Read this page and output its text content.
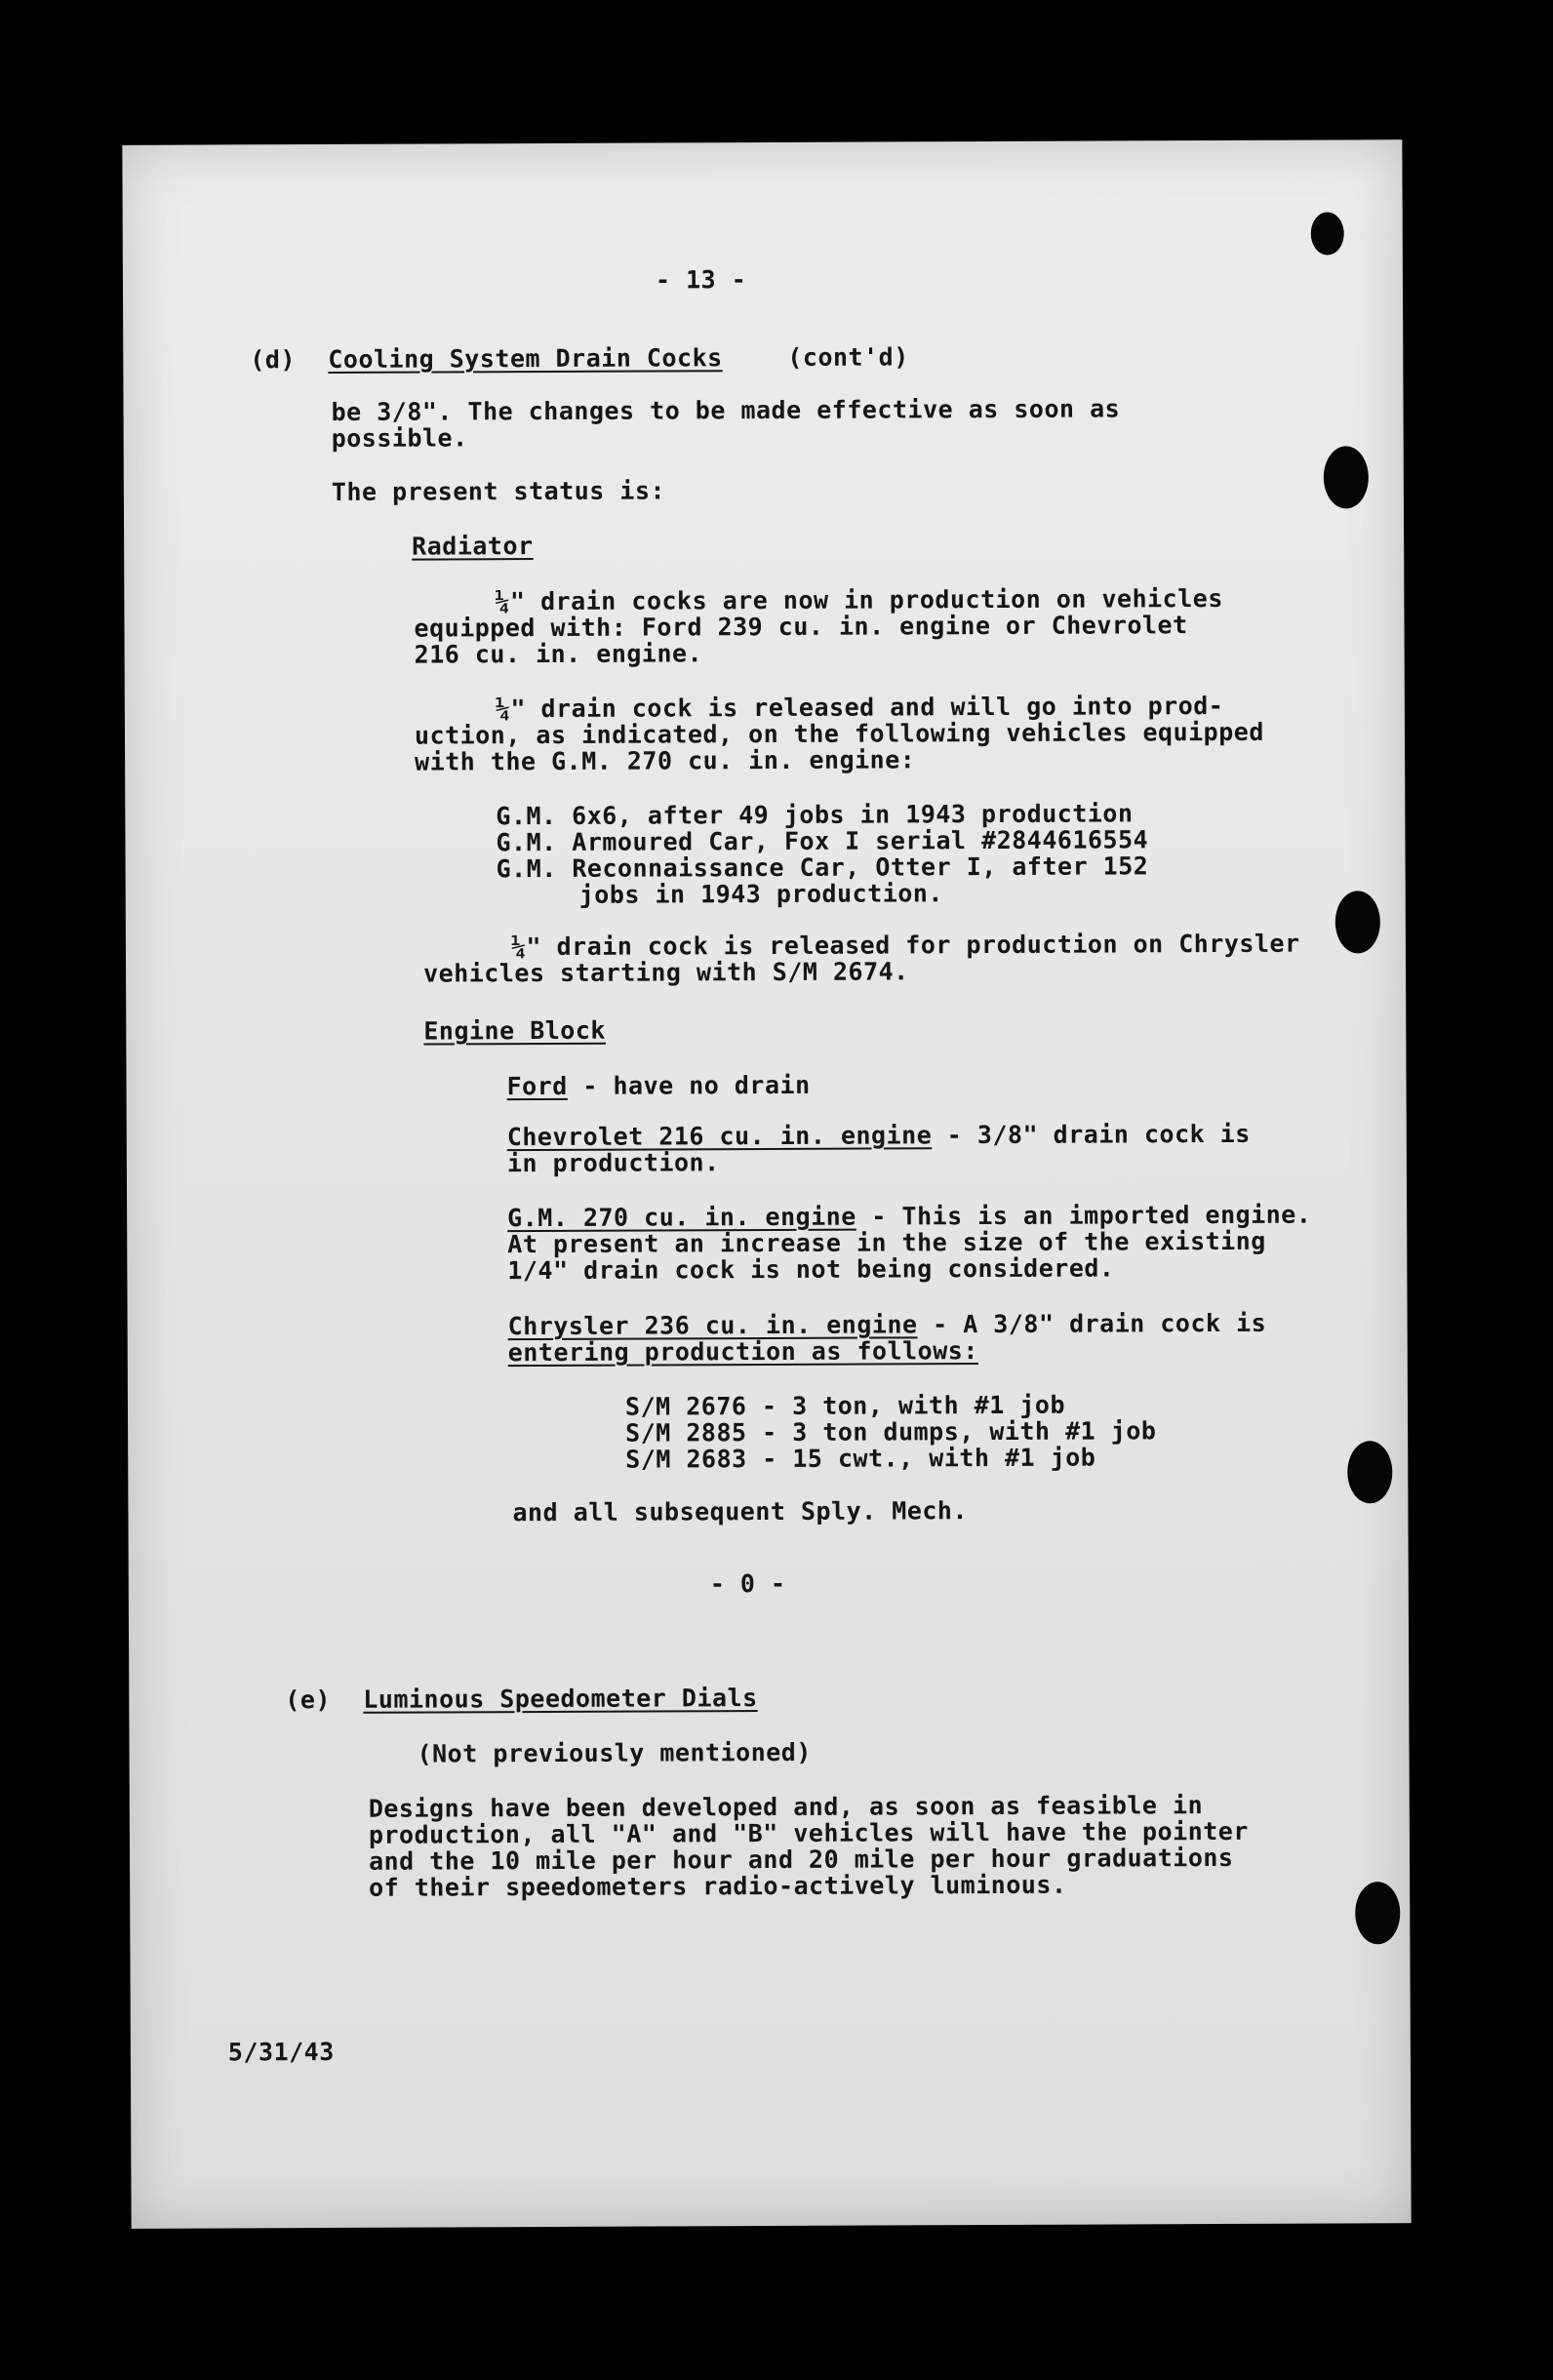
- 13 -
(d) Cooling System Drain Cocks	(cont'd)
be 3/8". The changes to be made effective as soon as
possible.
The present status is:
Radiator
¼" drain cocks are now in production on vehicles
equipped with: Ford 239 cu. in. engine or Chevrolet
216 cu. in. engine.
¼" drain cock is released and will go into prod-
uction, as indicated, on the following vehicles equipped
with the G.M. 270 cu. in. engine:
G.M. 6x6, after 49 jobs in 1943 production
G.M. Armoured Car, Fox I serial #2844616554
G.M. Reconnaissance Car, Otter I, after 152
jobs in 1943 production.
¼" drain cock is released for production on Chrysler
vehicles starting with S/M 2674.
Engine Block
Ford - have no drain
Chevrolet 216 cu. in. engine - 3/8" drain cock is
in production.
G.M. 270 cu. in. engine - This is an imported engine.
At present an increase in the size of the existing
1/4" drain cock is not being considered.
Chrysler 236 cu. in. engine - A 3/8" drain cock is
entering production as follows:
S/M 2676 - 3 ton, with #1 job
S/M 2885 - 3 ton dumps, with #1 job
S/M 2683 - 15 cwt., with #1 job
and all subsequent Sply. Mech.
- 0 -
(e) Luminous Speedometer Dials
(Not previously mentioned)
Designs have been developed and, as soon as feasible in
production, all "A" and "B" vehicles will have the pointer
and the 10 mile per hour and 20 mile per hour graduations
of their speedometers radio-actively luminous.
5/31/43
